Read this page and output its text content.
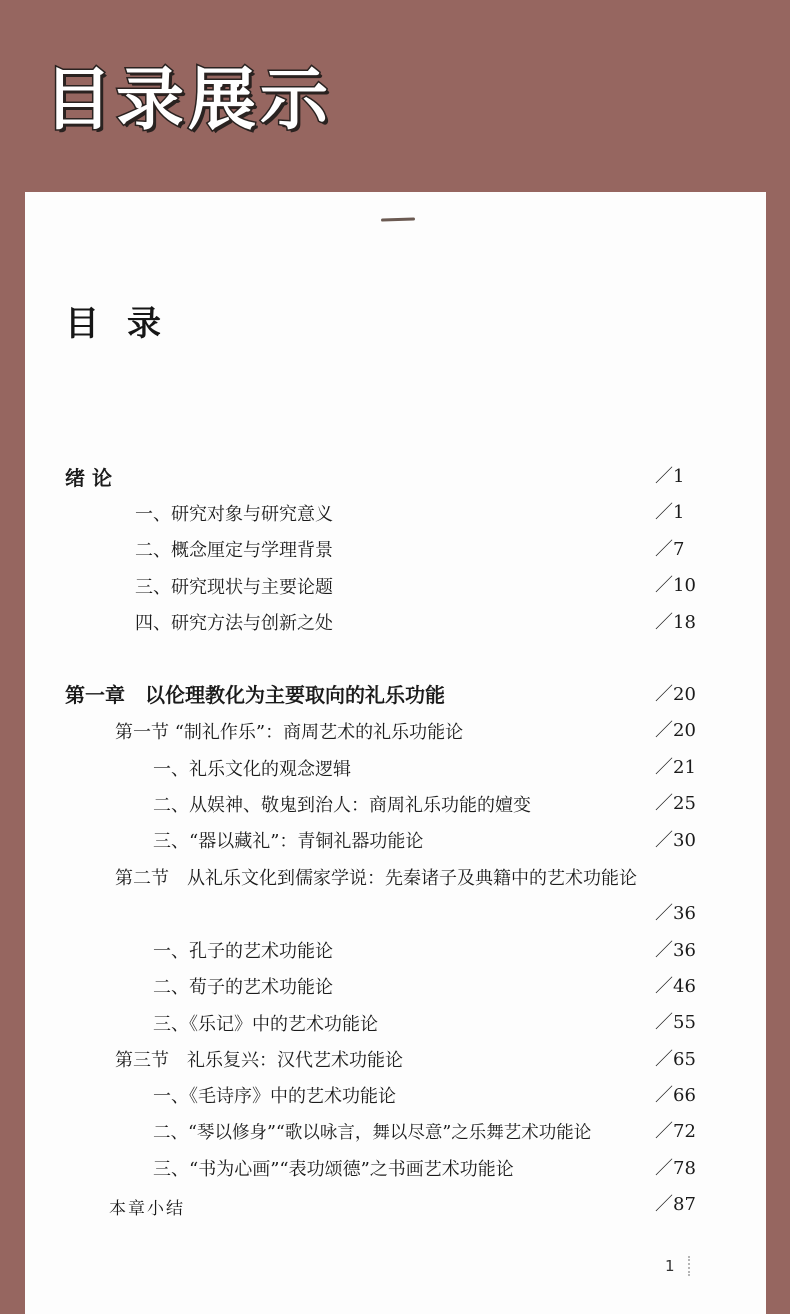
目录展示
目录
绪 论	／1
一、研究对象与研究意义	／1
二、概念厘定与学理背景	／7
三、研究现状与主要论题	／10
四、研究方法与创新之处	／18
第一章　以伦理教化为主要取向的礼乐功能	／20
第一节 “制礼作乐”：商周艺术的礼乐功能论	／20
一、礼乐文化的观念逻辑	／21
二、从娱神、敬鬼到治人：商周礼乐功能的嬗变	／25
三、“器以藏礼”：青铜礼器功能论	／30
第二节　从礼乐文化到儒家学说：先秦诸子及典籍中的艺术功能论
／36
一、孔子的艺术功能论	／36
二、荀子的艺术功能论	／46
三、《乐记》中的艺术功能论	／55
第三节　礼乐复兴：汉代艺术功能论	／65
一、《毛诗序》中的艺术功能论	／66
二、“琴以修身”“歌以咏言，舞以尽意”之乐舞艺术功能论	／72
三、“书为心画”“表功颂德”之书画艺术功能论	／78
本章小结	／87
1
